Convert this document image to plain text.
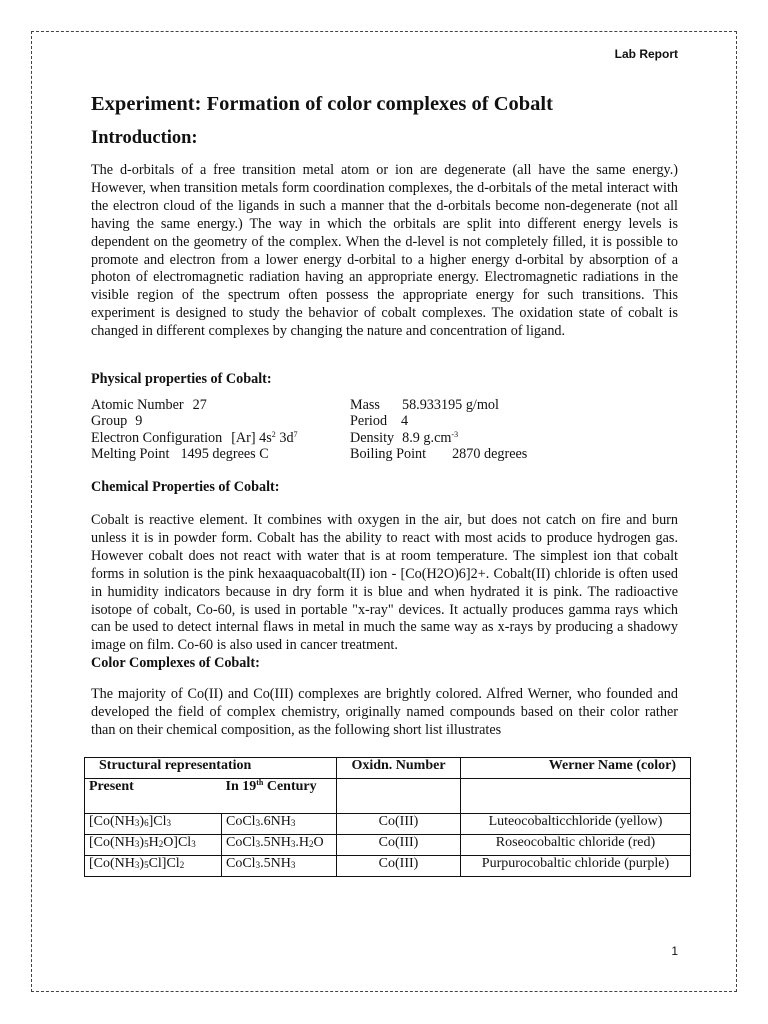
Lab Report
Experiment: Formation of color complexes of Cobalt
Introduction:

The d-orbitals of a free transition metal atom or ion are degenerate (all have the same energy.) However, when transition metals form coordination complexes, the d-orbitals of the metal interact with the electron cloud of the ligands in such a manner that the d-orbitals become non-degenerate (not all having the same energy.) The way in which the orbitals are split into different energy levels is dependent on the geometry of the complex. When the d-level is not completely filled, it is possible to promote and electron from a lower energy d-orbital to a higher energy d-orbital by absorption of a photon of electromagnetic radiation having an appropriate energy. Electromagnetic radiations in the visible region of the spectrum often possess the appropriate energy for such transitions. This experiment is designed to study the behavior of cobalt complexes. The oxidation state of cobalt is changed in different complexes by changing the nature and concentration of ligand.

Physical properties of Cobalt:
Atomic Number 27	Mass 58.933195 g/mol
Group 9	Period 4
Electron Configuration [Ar] $4s^2$ $3d^7$	Density 8.9 $g.cm^{-3}$
Melting Point 1495 degrees C	Boiling Point 2870 degrees
Chemical Properties of Cobalt:

Cobalt is reactive element. It combines with oxygen in the air, but does not catch on fire and burn unless it is in powder form. Cobalt has the ability to react with most acids to produce hydrogen gas. However cobalt does not react with water that is at room temperature. The simplest ion that cobalt forms in solution is the pink hexaaquacobalt(II) ion - [Co(H2O)6]2+. Cobalt(II) chloride is often used in humidity indicators because in dry form it is blue and when hydrated it is pink. The radioactive isotope of cobalt, Co-60, is used in portable "x-ray" devices. It actually produces gamma rays which can be used to detect internal flaws in metal in much the same way as x-rays by producing a shadowy image on film. Co-60 is also used in cancer treatment.

Color Complexes of Cobalt:

The majority of Co(II) and Co(III) complexes are brightly colored. Alfred Werner, who founded and developed the field of complex chemistry, originally named compounds based on their color rather than on their chemical composition, as the following short list illustrates

Structural representation		Oxidn. Number	Werner Name (color)
Present	In 19th Century		
$[Co(NH_3)_6]Cl_3$	$CoCl_3.6NH_3$	Co(III)	Luteocobalticchloride (yellow)
$[Co(NH_3)_5H_2O]Cl_3$	$CoCl_3.5NH_3.H_2O$	Co(III)	Roseocobaltic chloride (red)
$[Co(NH_3)_5Cl]Cl_2$	$CoCl_3.5NH_3$	Co(III)	Purpurocobaltic chloride (purple)
1
